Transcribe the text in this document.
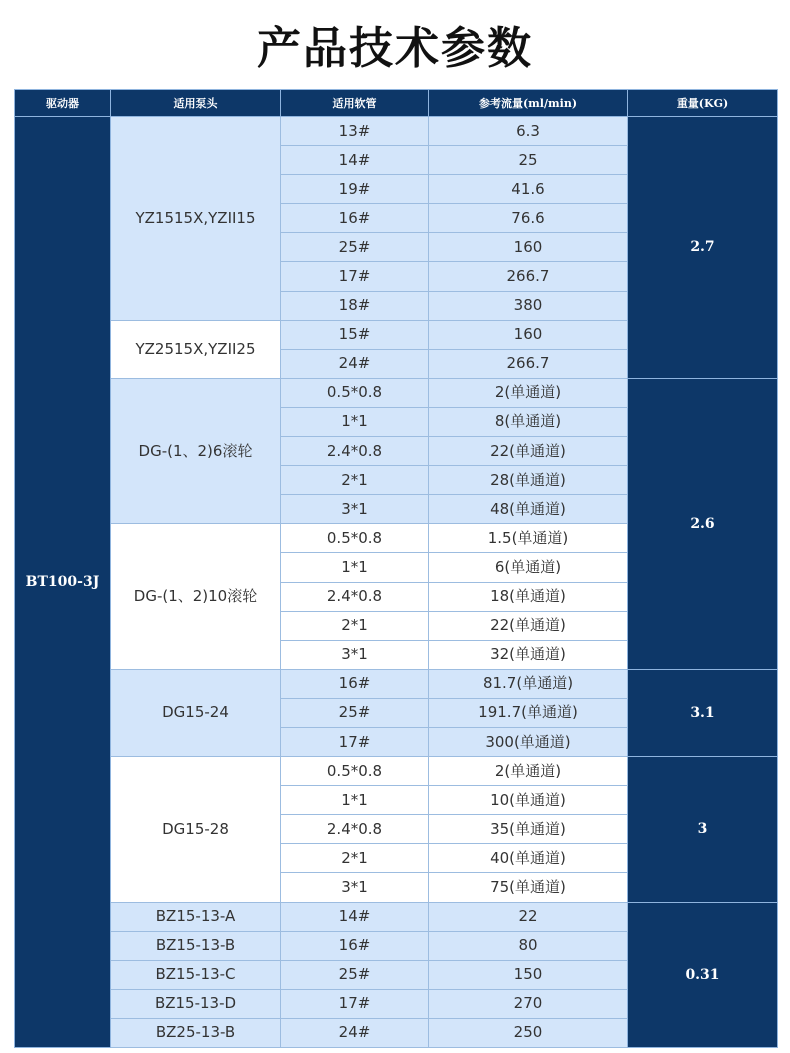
产品技术参数
驱动器	适用泵头	适用软管	参考流量(ml/min)	重量(KG)
BT100-3J	YZ1515X,YZII15	13#	6.3	2.7
		14#	25	
		19#	41.6	
		16#	76.6	
		25#	160	
		17#	266.7	
		18#	380	
	YZ2515X,YZII25	15#	160	
		24#	266.7	
	DG-(1、2)6滚轮	0.5*0.8	2(单通道)	2.6
		1*1	8(单通道)	
		2.4*0.8	22(单通道)	
		2*1	28(单通道)	
		3*1	48(单通道)	
	DG-(1、2)10滚轮	0.5*0.8	1.5(单通道)	
		1*1	6(单通道)	
		2.4*0.8	18(单通道)	
		2*1	22(单通道)	
		3*1	32(单通道)	
	DG15-24	16#	81.7(单通道)	3.1
		25#	191.7(单通道)	
		17#	300(单通道)	
	DG15-28	0.5*0.8	2(单通道)	3
		1*1	10(单通道)	
		2.4*0.8	35(单通道)	
		2*1	40(单通道)	
		3*1	75(单通道)	
	BZ15-13-A	14#	22	0.31
	BZ15-13-B	16#	80	
	BZ15-13-C	25#	150	
	BZ15-13-D	17#	270	
	BZ25-13-B	24#	250	
